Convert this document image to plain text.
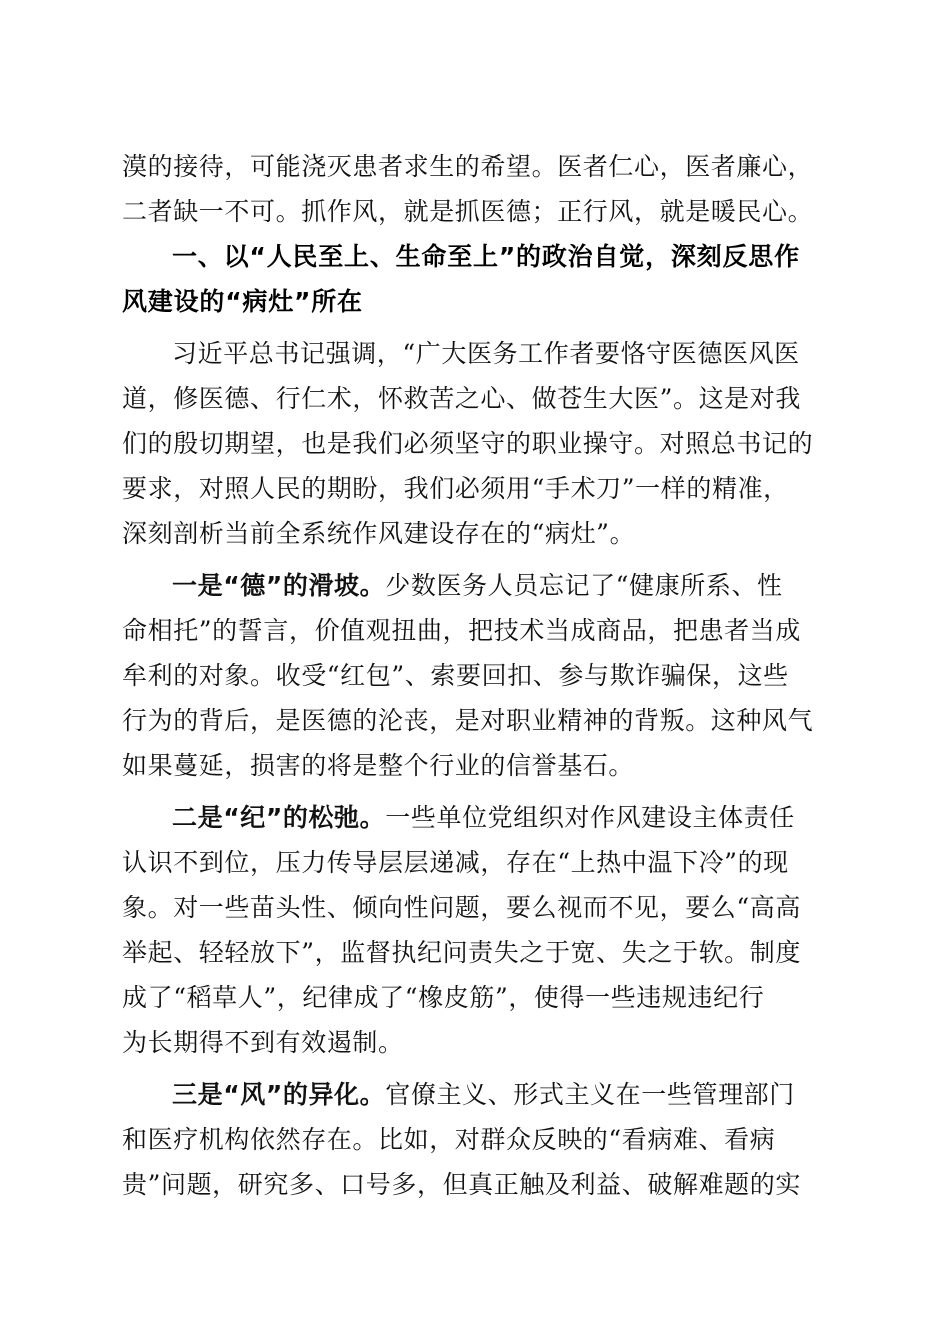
漠的接待，可能浇灭患者求生的希望。医者仁心，医者廉心，
二者缺一不可。抓作风，就是抓医德；正行风，就是暖民心。
一、以“人民至上、生命至上”的政治自觉，深刻反思作
风建设的“病灶”所在
习近平总书记强调，“广大医务工作者要恪守医德医风医
道，修医德、行仁术，怀救苦之心、做苍生大医”。这是对我
们的殷切期望，也是我们必须坚守的职业操守。对照总书记的
要求，对照人民的期盼，我们必须用“手术刀”一样的精准，
深刻剖析当前全系统作风建设存在的“病灶”。
一是“德”的滑坡。少数医务人员忘记了“健康所系、性
命相托”的誓言，价值观扭曲，把技术当成商品，把患者当成
牟利的对象。收受“红包”、索要回扣、参与欺诈骗保，这些
行为的背后，是医德的沦丧，是对职业精神的背叛。这种风气
如果蔓延，损害的将是整个行业的信誉基石。
二是“纪”的松弛。一些单位党组织对作风建设主体责任
认识不到位，压力传导层层递减，存在“上热中温下冷”的现
象。对一些苗头性、倾向性问题，要么视而不见，要么“高高
举起、轻轻放下”，监督执纪问责失之于宽、失之于软。制度
成了“稻草人”，纪律成了“橡皮筋”，使得一些违规违纪行
为长期得不到有效遏制。
三是“风”的异化。官僚主义、形式主义在一些管理部门
和医疗机构依然存在。比如，对群众反映的“看病难、看病
贵”问题，研究多、口号多，但真正触及利益、破解难题的实
